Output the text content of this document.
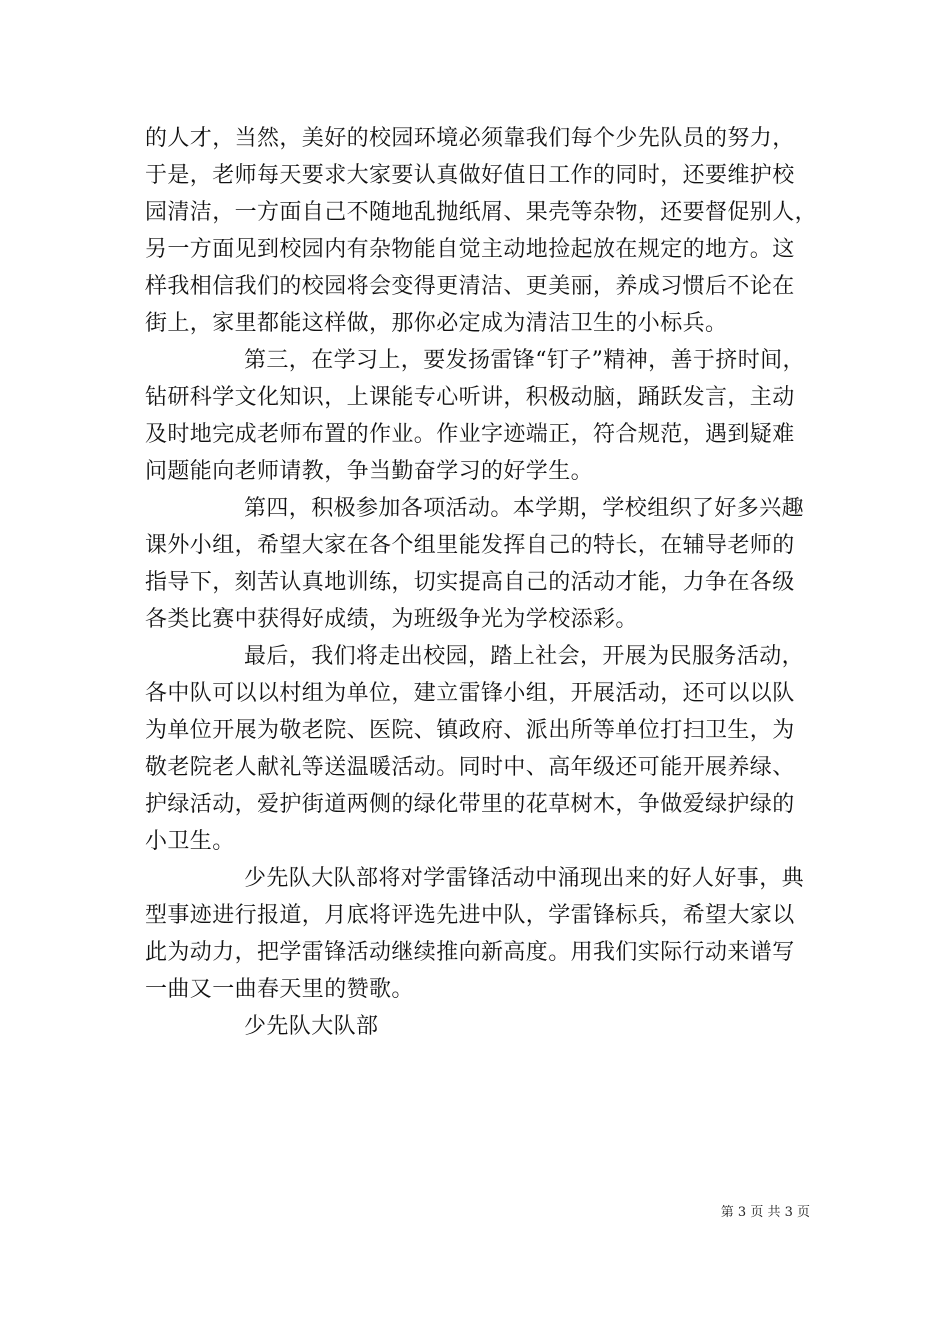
的人才，当然，美好的校园环境必须靠我们每个少先队员的努力，
于是，老师每天要求大家要认真做好值日工作的同时，还要维护校
园清洁，一方面自己不随地乱抛纸屑、果壳等杂物，还要督促别人，
另一方面见到校园内有杂物能自觉主动地捡起放在规定的地方。这
样我相信我们的校园将会变得更清洁、更美丽，养成习惯后不论在
街上，家里都能这样做，那你必定成为清洁卫生的小标兵。
第三，在学习上，要发扬雷锋“钉子”精神，善于挤时间，
钻研科学文化知识，上课能专心听讲，积极动脑，踊跃发言，主动
及时地完成老师布置的作业。作业字迹端正，符合规范，遇到疑难
问题能向老师请教，争当勤奋学习的好学生。
第四，积极参加各项活动。本学期，学校组织了好多兴趣
课外小组，希望大家在各个组里能发挥自己的特长，在辅导老师的
指导下，刻苦认真地训练，切实提高自己的活动才能，力争在各级
各类比赛中获得好成绩，为班级争光为学校添彩。
最后，我们将走出校园，踏上社会，开展为民服务活动，
各中队可以以村组为单位，建立雷锋小组，开展活动，还可以以队
为单位开展为敬老院、医院、镇政府、派出所等单位打扫卫生，为
敬老院老人献礼等送温暖活动。同时中、高年级还可能开展养绿、
护绿活动，爱护街道两侧的绿化带里的花草树木，争做爱绿护绿的
小卫生。
少先队大队部将对学雷锋活动中涌现出来的好人好事，典
型事迹进行报道，月底将评选先进中队，学雷锋标兵，希望大家以
此为动力，把学雷锋活动继续推向新高度。用我们实际行动来谱写
一曲又一曲春天里的赞歌。
少先队大队部
第 3 页 共 3 页
